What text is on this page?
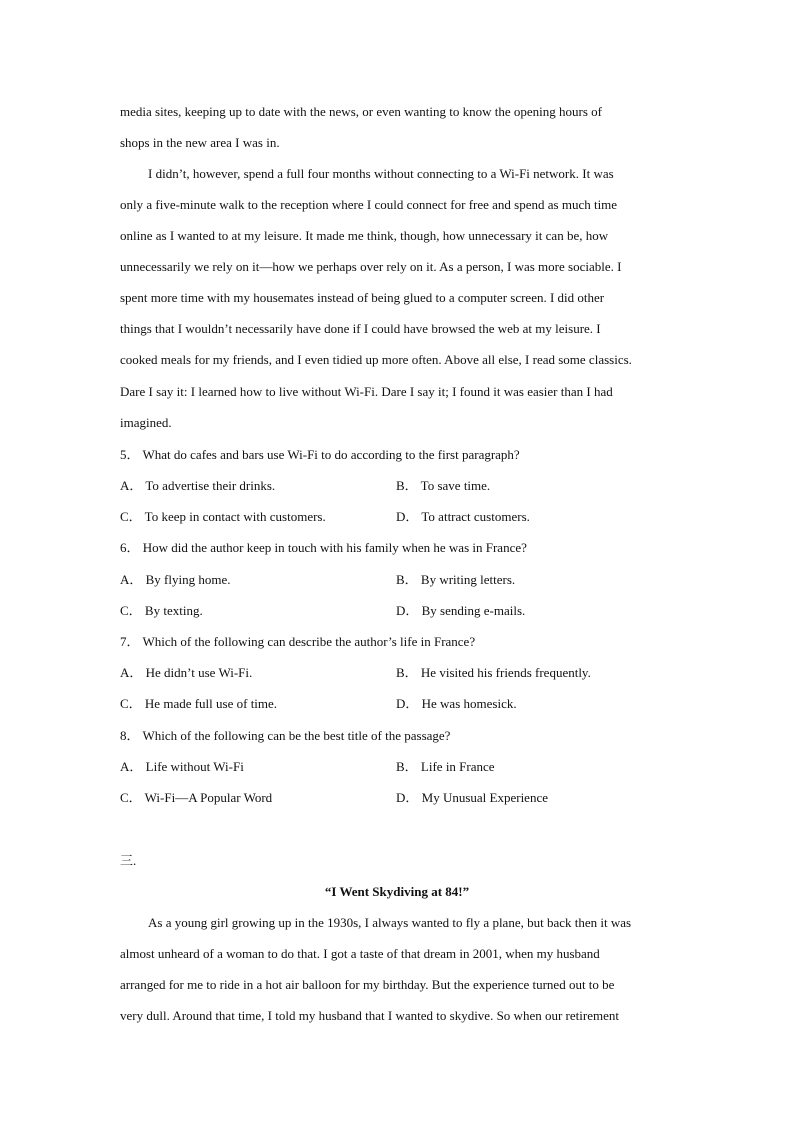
media sites, keeping up to date with the news, or even wanting to know the opening hours of
shops in the new area I was in.
I didn’t, however, spend a full four months without connecting to a Wi-Fi network. It was
only a five-minute walk to the reception where I could connect for free and spend as much time
online as I wanted to at my leisure. It made me think, though, how unnecessary it can be, how
unnecessarily we rely on it—how we perhaps over rely on it. As a person, I was more sociable. I
spent more time with my housemates instead of being glued to a computer screen. I did other
things that I wouldn’t necessarily have done if I could have browsed the web at my leisure. I
cooked meals for my friends, and I even tidied up more often. Above all else, I read some classics.
Dare I say it: I learned how to live without Wi-Fi. Dare I say it; I found it was easier than I had
imagined.
5． What do cafes and bars use Wi-Fi to do according to the first paragraph?
A． To advertise their drinks.	B． To save time.
C． To keep in contact with customers.	D． To attract customers.
6． How did the author keep in touch with his family when he was in France?
A． By flying home.	B． By writing letters.
C． By texting.	D． By sending e-mails.
7． Which of the following can describe the author’s life in France?
A． He didn’t use Wi-Fi.	B． He visited his friends frequently.
C． He made full use of time.	D． He was homesick.
8． Which of the following can be the best title of the passage?
A． Life without Wi-Fi	B． Life in France
C． Wi-Fi—A Popular Word	D． My Unusual Experience
三.
“I Went Skydiving at 84!”
As a young girl growing up in the 1930s, I always wanted to fly a plane, but back then it was
almost unheard of a woman to do that. I got a taste of that dream in 2001, when my husband
arranged for me to ride in a hot air balloon for my birthday. But the experience turned out to be
very dull. Around that time, I told my husband that I wanted to skydive. So when our retirement
